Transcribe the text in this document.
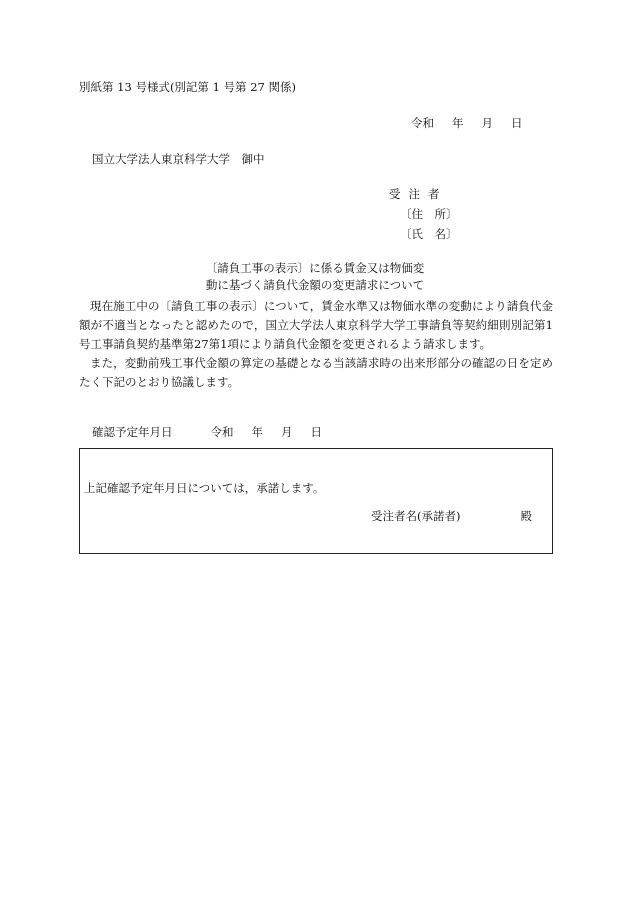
別紙第 13 号様式(別記第 1 号第 27 関係)
令和 年 月 日
国立大学法人東京科学大学　御中
受注者
〔住　所〕
〔氏　名〕
〔請負工事の表示〕に係る賃金又は物価変
動に基づく請負代金額の変更請求について

現在施工中の〔請負工事の表示〕について，賃金水準又は物価水準の変動により請負代金額が不適当となったと認めたので，国立大学法人東京科学大学工事請負等契約細則別記第1号工事請負契約基準第27第1項により請負代金額を変更されるよう請求します。

また，変動前残工事代金額の算定の基礎となる当該請求時の出来形部分の確認の日を定めたく下記のとおり協議します。

確認予定年月日	令和 年 月 日
上記確認予定年月日については，承諾します。
受注者名(承諾者)	殿
